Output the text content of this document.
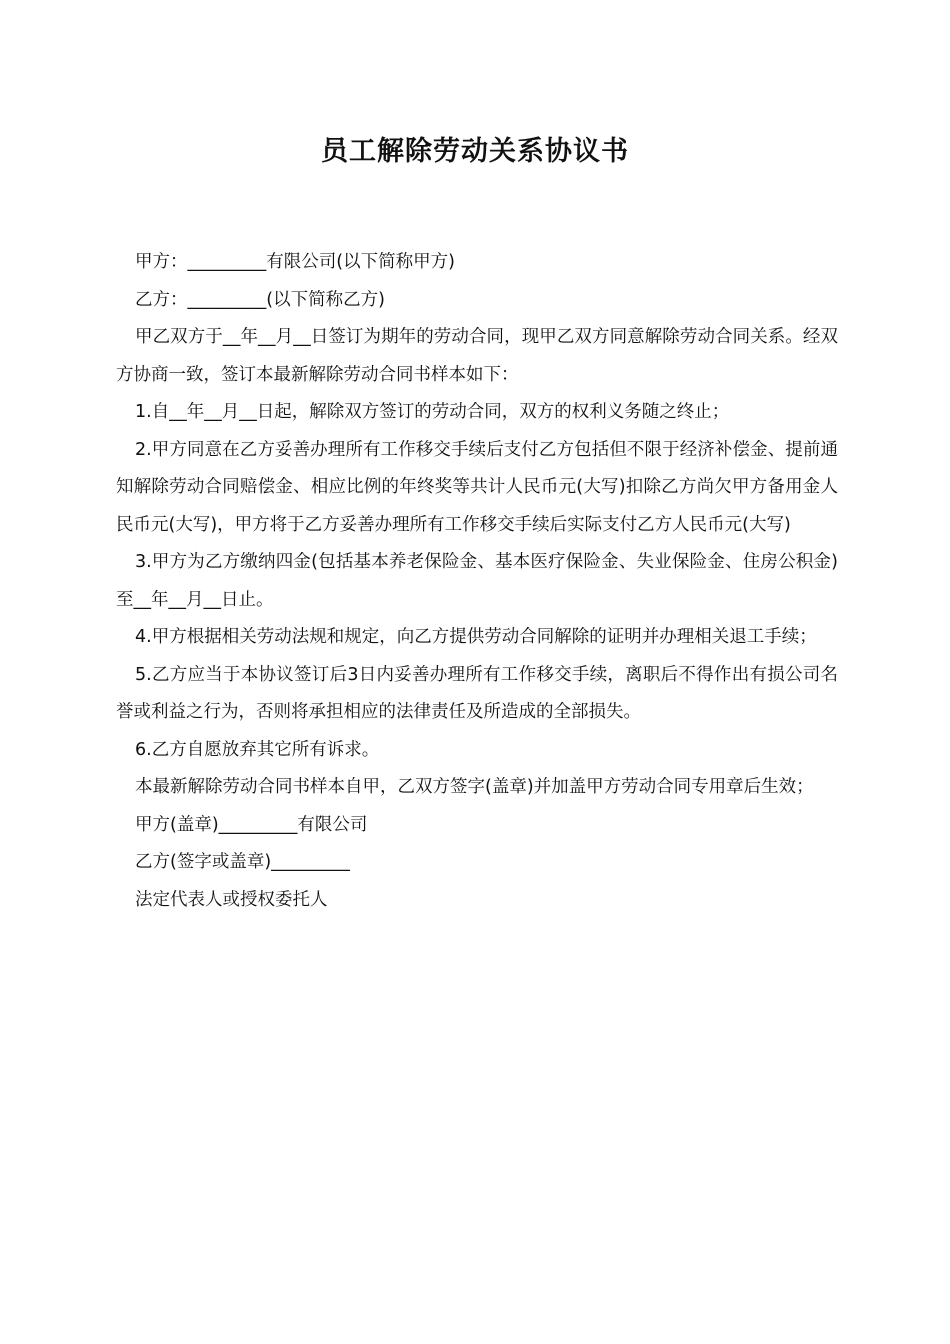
员工解除劳动关系协议书

甲方：_________有限公司(以下简称甲方)

乙方：_________(以下简称乙方)

甲乙双方于__年__月__日签订为期年的劳动合同，现甲乙双方同意解除劳动合同关系。经双方协商一致，签订本最新解除劳动合同书样本如下：

1.自__年__月__日起，解除双方签订的劳动合同，双方的权利义务随之终止；

2.甲方同意在乙方妥善办理所有工作移交手续后支付乙方包括但不限于经济补偿金、提前通知解除劳动合同赔偿金、相应比例的年终奖等共计人民币元(大写)扣除乙方尚欠甲方备用金人民币元(大写)，甲方将于乙方妥善办理所有工作移交手续后实际支付乙方人民币元(大写)

3.甲方为乙方缴纳四金(包括基本养老保险金、基本医疗保险金、失业保险金、住房公积金)至__年__月__日止。

4.甲方根据相关劳动法规和规定，向乙方提供劳动合同解除的证明并办理相关退工手续；

5.乙方应当于本协议签订后3日内妥善办理所有工作移交手续，离职后不得作出有损公司名誉或利益之行为，否则将承担相应的法律责任及所造成的全部损失。

6.乙方自愿放弃其它所有诉求。

本最新解除劳动合同书样本自甲，乙双方签字(盖章)并加盖甲方劳动合同专用章后生效；

甲方(盖章)_________有限公司

乙方(签字或盖章)_________

法定代表人或授权委托人
